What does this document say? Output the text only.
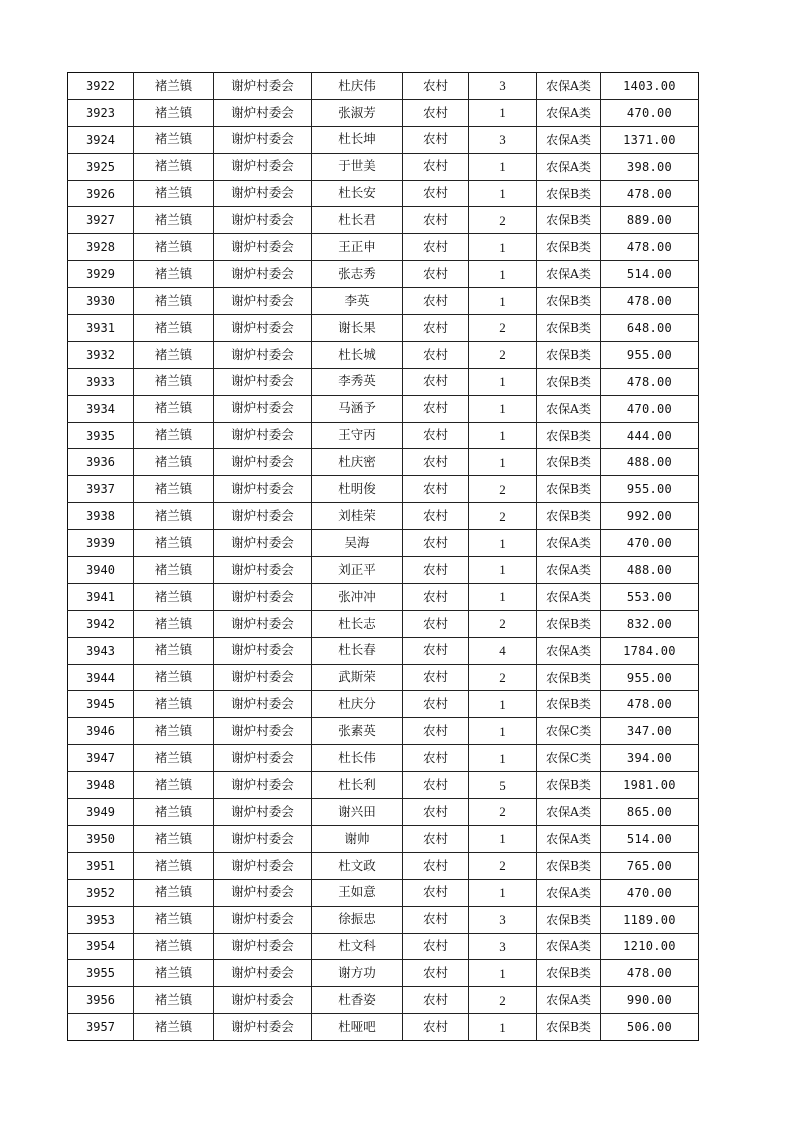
3922	褚兰镇	谢炉村委会	杜庆伟	农村	3	农保A类	1403.00
3923	褚兰镇	谢炉村委会	张淑芳	农村	1	农保A类	470.00
3924	褚兰镇	谢炉村委会	杜长坤	农村	3	农保A类	1371.00
3925	褚兰镇	谢炉村委会	于世美	农村	1	农保A类	398.00
3926	褚兰镇	谢炉村委会	杜长安	农村	1	农保B类	478.00
3927	褚兰镇	谢炉村委会	杜长君	农村	2	农保B类	889.00
3928	褚兰镇	谢炉村委会	王正申	农村	1	农保B类	478.00
3929	褚兰镇	谢炉村委会	张志秀	农村	1	农保A类	514.00
3930	褚兰镇	谢炉村委会	李英	农村	1	农保B类	478.00
3931	褚兰镇	谢炉村委会	谢长果	农村	2	农保B类	648.00
3932	褚兰镇	谢炉村委会	杜长城	农村	2	农保B类	955.00
3933	褚兰镇	谢炉村委会	李秀英	农村	1	农保B类	478.00
3934	褚兰镇	谢炉村委会	马涵予	农村	1	农保A类	470.00
3935	褚兰镇	谢炉村委会	王守丙	农村	1	农保B类	444.00
3936	褚兰镇	谢炉村委会	杜庆密	农村	1	农保B类	488.00
3937	褚兰镇	谢炉村委会	杜明俊	农村	2	农保B类	955.00
3938	褚兰镇	谢炉村委会	刘桂荣	农村	2	农保B类	992.00
3939	褚兰镇	谢炉村委会	吴海	农村	1	农保A类	470.00
3940	褚兰镇	谢炉村委会	刘正平	农村	1	农保A类	488.00
3941	褚兰镇	谢炉村委会	张冲冲	农村	1	农保A类	553.00
3942	褚兰镇	谢炉村委会	杜长志	农村	2	农保B类	832.00
3943	褚兰镇	谢炉村委会	杜长春	农村	4	农保A类	1784.00
3944	褚兰镇	谢炉村委会	武斯荣	农村	2	农保B类	955.00
3945	褚兰镇	谢炉村委会	杜庆分	农村	1	农保B类	478.00
3946	褚兰镇	谢炉村委会	张素英	农村	1	农保C类	347.00
3947	褚兰镇	谢炉村委会	杜长伟	农村	1	农保C类	394.00
3948	褚兰镇	谢炉村委会	杜长利	农村	5	农保B类	1981.00
3949	褚兰镇	谢炉村委会	谢兴田	农村	2	农保A类	865.00
3950	褚兰镇	谢炉村委会	谢帅	农村	1	农保A类	514.00
3951	褚兰镇	谢炉村委会	杜文政	农村	2	农保B类	765.00
3952	褚兰镇	谢炉村委会	王如意	农村	1	农保A类	470.00
3953	褚兰镇	谢炉村委会	徐振忠	农村	3	农保B类	1189.00
3954	褚兰镇	谢炉村委会	杜文科	农村	3	农保A类	1210.00
3955	褚兰镇	谢炉村委会	谢方功	农村	1	农保B类	478.00
3956	褚兰镇	谢炉村委会	杜香姿	农村	2	农保A类	990.00
3957	褚兰镇	谢炉村委会	杜哑吧	农村	1	农保B类	506.00
